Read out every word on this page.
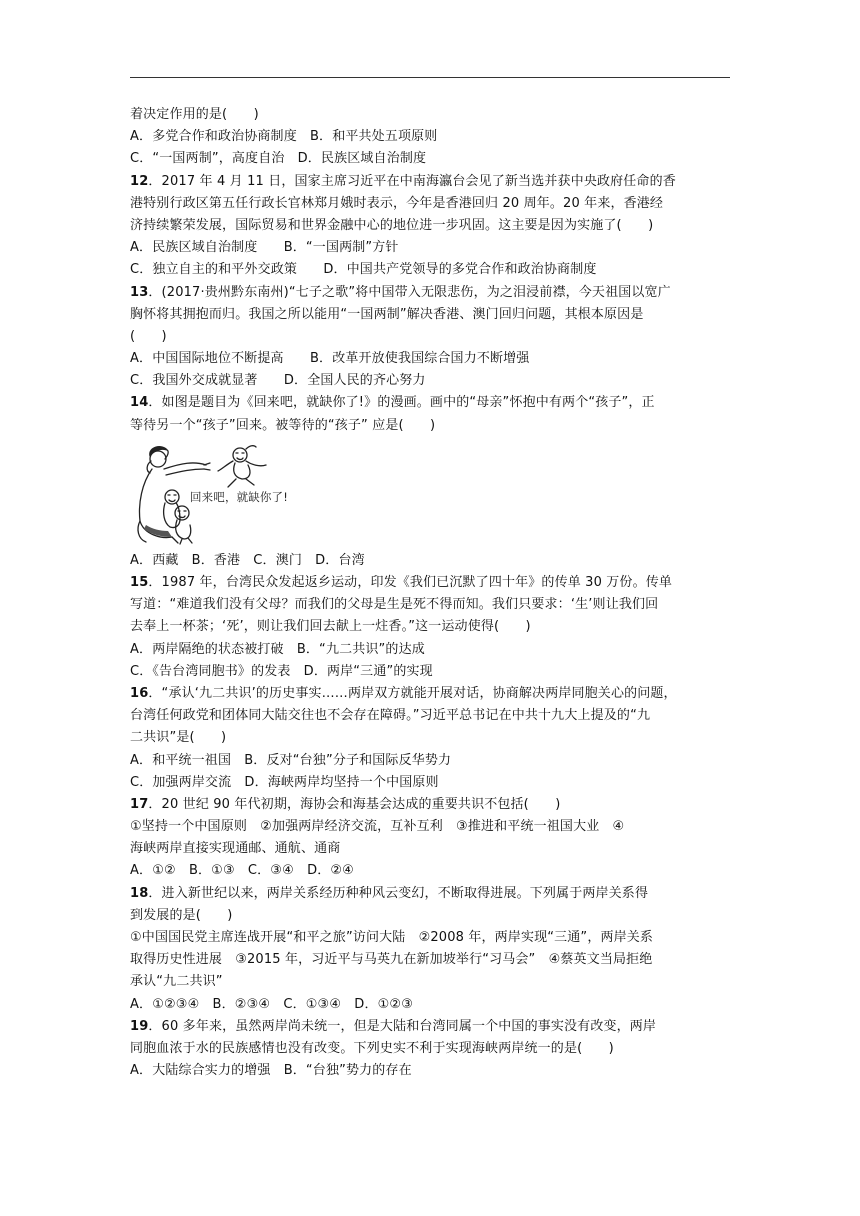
着决定作用的是(　　)
A．多党合作和政治协商制度　B．和平共处五项原则
C．“一国两制”，高度自治　D．民族区域自治制度
12．2017 年 4 月 11 日，国家主席习近平在中南海瀛台会见了新当选并获中央政府任命的香
港特别行政区第五任行政长官林郑月娥时表示，今年是香港回归 20 周年。20 年来，香港经
济持续繁荣发展，国际贸易和世界金融中心的地位进一步巩固。这主要是因为实施了(　　)
A．民族区域自治制度　　B．“一国两制”方针
C．独立自主的和平外交政策　　D．中国共产党领导的多党合作和政治协商制度
13．(2017·贵州黔东南州)“七子之歌”将中国带入无限悲伤，为之泪浸前襟，今天祖国以宽广
胸怀将其拥抱而归。我国之所以能用“一国两制”解决香港、澳门回归问题，其根本原因是
(　　)
A．中国国际地位不断提高　　B．改革开放使我国综合国力不断增强
C．我国外交成就显著　　D．全国人民的齐心努力
14．如图是题目为《回来吧，就缺你了!》的漫画。画中的“母亲”怀抱中有两个“孩子”，正
等待另一个“孩子”回来。被等待的“孩子” 应是(　　)
回来吧，就缺你了!
A．西藏　B．香港　C．澳门　D．台湾
15．1987 年，台湾民众发起返乡运动，印发《我们已沉默了四十年》的传单 30 万份。传单
写道：“难道我们没有父母？而我们的父母是生是死不得而知。我们只要求：‘生’则让我们回
去奉上一杯茶；‘死’，则让我们回去献上一炷香。”这一运动使得(　　)
A．两岸隔绝的状态被打破　B．“九二共识”的达成
C．《告台湾同胞书》的发表　D．两岸“三通”的实现
16．“承认‘九二共识’的历史事实……两岸双方就能开展对话，协商解决两岸同胞关心的问题，
台湾任何政党和团体同大陆交往也不会存在障碍。”习近平总书记在中共十九大上提及的“九
二共识”是(　　)
A．和平统一祖国　B．反对“台独”分子和国际反华势力
C．加强两岸交流　D．海峡两岸均坚持一个中国原则
17．20 世纪 90 年代初期，海协会和海基会达成的重要共识不包括(　　)
①坚持一个中国原则　②加强两岸经济交流，互补互利　③推进和平统一祖国大业　④
海峡两岸直接实现通邮、通航、通商
A．①②　B．①③　C．③④　D．②④
18．进入新世纪以来，两岸关系经历种种风云变幻，不断取得进展。下列属于两岸关系得
到发展的是(　　)
①中国国民党主席连战开展“和平之旅”访问大陆　②2008 年，两岸实现“三通”，两岸关系
取得历史性进展　③2015 年，习近平与马英九在新加坡举行“习马会”　④蔡英文当局拒绝
承认“九二共识”
A．①②③④　B．②③④　C．①③④　D．①②③
19．60 多年来，虽然两岸尚未统一，但是大陆和台湾同属一个中国的事实没有改变，两岸
同胞血浓于水的民族感情也没有改变。下列史实不利于实现海峡两岸统一的是(　　)
A．大陆综合实力的增强　B．“台独”势力的存在
